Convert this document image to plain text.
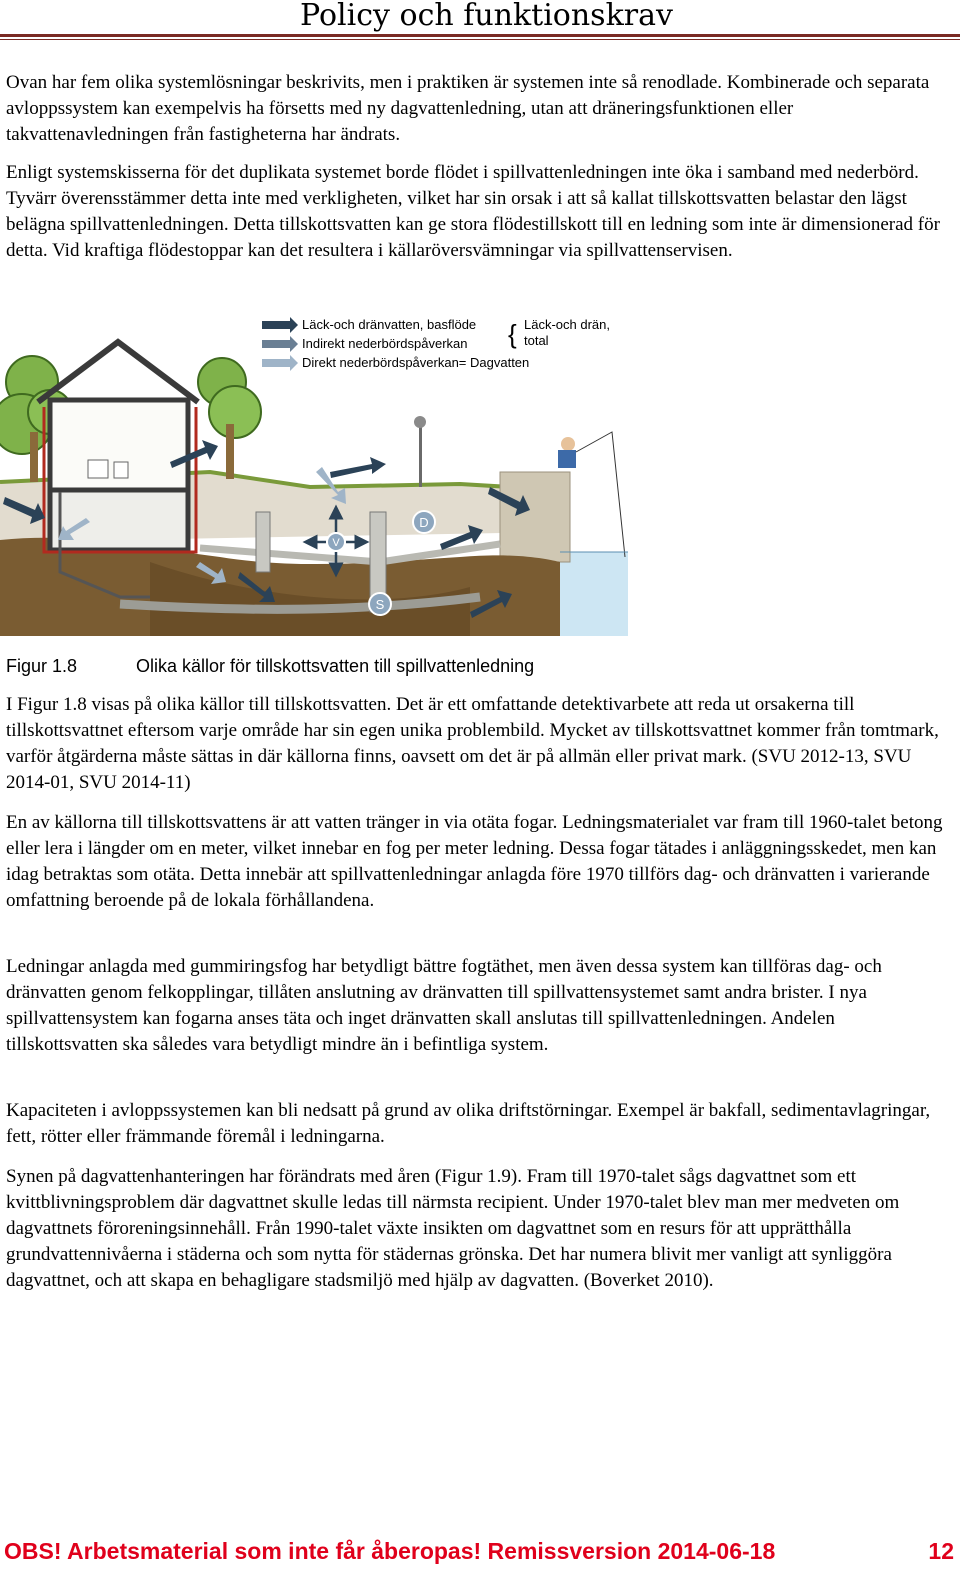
Policy och funktionskrav

Ovan har fem olika systemlösningar beskrivits, men i praktiken är systemen inte så renodlade. Kombinerade och separata avloppssystem kan exempelvis ha försetts med ny dagvattenledning, utan att dräneringsfunktionen eller takvattenavledningen från fastigheterna har ändrats.

Enligt systemskisserna för det duplikata systemet borde flödet i spillvattenledningen inte öka i samband med nederbörd. Tyvärr överensstämmer detta inte med verkligheten, vilket har sin orsak i att så kallat tillskottsvatten belastar den lägst belägna spillvattenledningen. Detta tillskottsvatten kan ge stora flödestillskott till en ledning som inte är dimensionerad för detta. Vid kraftiga flödestoppar kan det resultera i källaröversvämningar via spillvattenservisen.

Läck-och dränvatten, basflöde
Indirekt nederbördspåverkan
Direkt nederbördspåverkan= Dagvatten
{ Läck-och drän,
total
D
V
S
Figur 1.8	Olika källor för tillskottsvatten till spillvattenledning

I Figur 1.8 visas på olika källor till tillskottsvatten. Det är ett omfattande detektivarbete att reda ut orsakerna till tillskottsvattnet eftersom varje område har sin egen unika problembild. Mycket av tillskottsvattnet kommer från tomtmark, varför åtgärderna måste sättas in där källorna finns, oavsett om det är på allmän eller privat mark. (SVU 2012-13, SVU 2014-01, SVU 2014-11)

En av källorna till tillskottsvattens är att vatten tränger in via otäta fogar. Ledningsmaterialet var fram till 1960-talet betong eller lera i längder om en meter, vilket innebar en fog per meter ledning. Dessa fogar tätades i anläggningsskedet, men kan idag betraktas som otäta. Detta innebär att spillvattenledningar anlagda före 1970 tillförs dag- och dränvatten i varierande omfattning beroende på de lokala förhållandena.

Ledningar anlagda med gummiringsfog har betydligt bättre fogtäthet, men även dessa system kan tillföras dag- och dränvatten genom felkopplingar, tillåten anslutning av dränvatten till spillvattensystemet samt andra brister. I nya spillvattensystem kan fogarna anses täta och inget dränvatten skall anslutas till spillvattenledningen. Andelen tillskottsvatten ska således vara betydligt mindre än i befintliga system.

Kapaciteten i avloppssystemen kan bli nedsatt på grund av olika driftstörningar. Exempel är bakfall, sedimentavlagringar, fett, rötter eller främmande föremål i ledningarna.

Synen på dagvattenhanteringen har förändrats med åren (Figur 1.9). Fram till 1970-talet sågs dagvattnet som ett kvittblivningsproblem där dagvattnet skulle ledas till närmsta recipient. Under 1970-talet blev man mer medveten om dagvattnets föroreningsinnehåll. Från 1990-talet växte insikten om dagvattnet som en resurs för att upprätthålla grundvattennivåerna i städerna och som nytta för städernas grönska. Det har numera blivit mer vanligt att synliggöra dagvattnet, och att skapa en behagligare stadsmiljö med hjälp av dagvatten. (Boverket 2010).

OBS! Arbetsmaterial som inte får åberopas! Remissversion 2014-06-18	12
